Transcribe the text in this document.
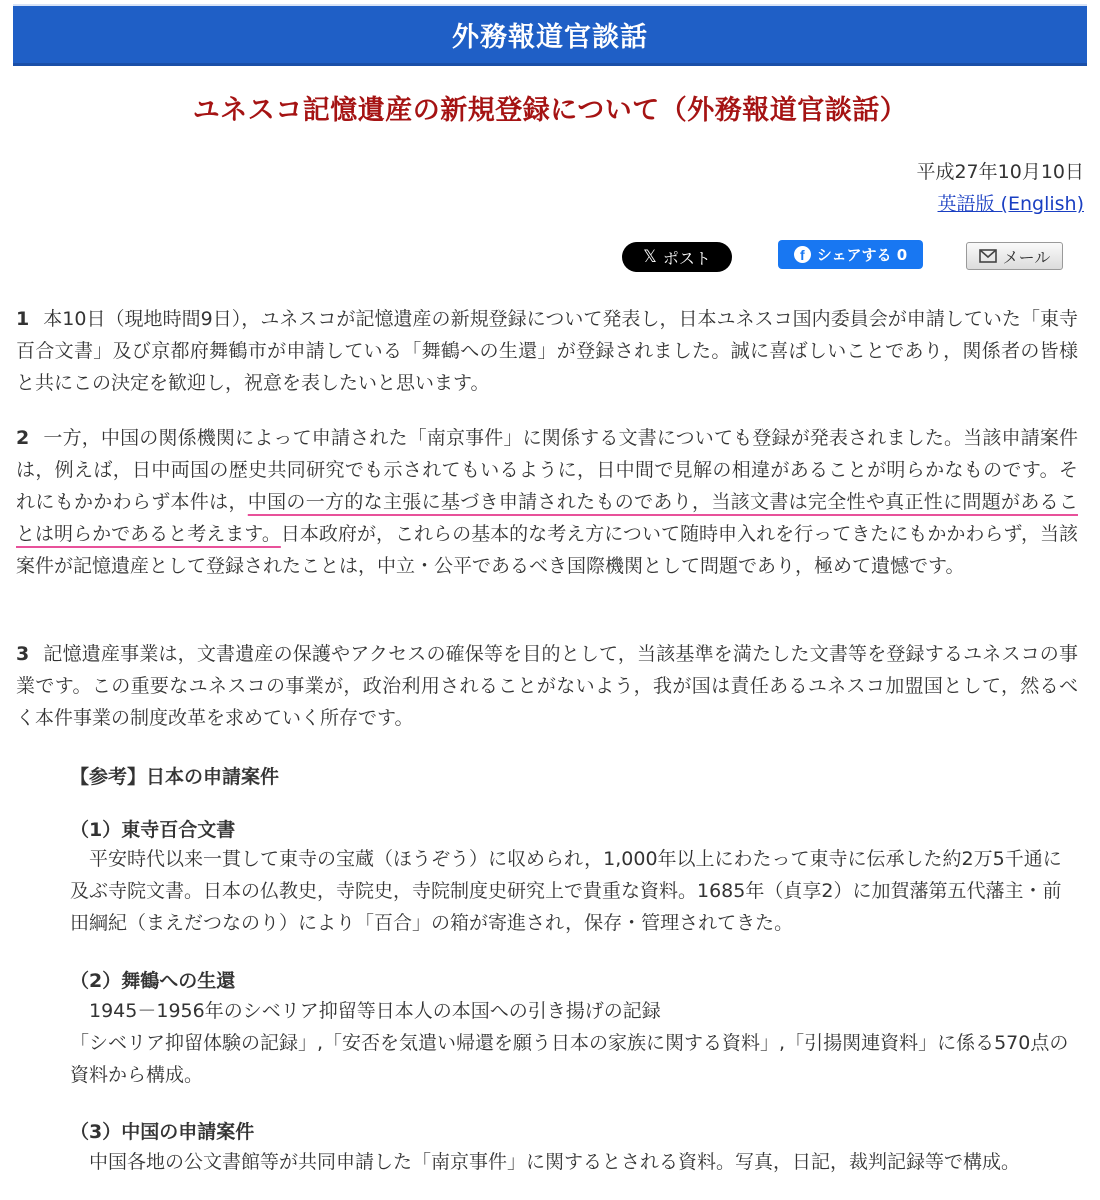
外務報道官談話
ユネスコ記憶遺産の新規登録について（外務報道官談話）
平成27年10月10日
英語版 (English)
𝕏 ポスト	f シェアする 0	メール
1 本10日（現地時間9日），ユネスコが記憶遺産の新規登録について発表し，日本ユネスコ国内委員会が申請していた「東寺百合文書」及び京都府舞鶴市が申請している「舞鶴への生還」が登録されました。誠に喜ばしいことであり，関係者の皆様と共にこの決定を歓迎し，祝意を表したいと思います。
2 一方，中国の関係機関によって申請された「南京事件」に関係する文書についても登録が発表されました。当該申請案件は，例えば，日中両国の歴史共同研究でも示されてもいるように，日中間で見解の相違があることが明らかなものです。それにもかかわらず本件は，中国の一方的な主張に基づき申請されたものであり，当該文書は完全性や真正性に問題があることは明らかであると考えます。日本政府が，これらの基本的な考え方について随時申入れを行ってきたにもかかわらず，当該案件が記憶遺産として登録されたことは，中立・公平であるべき国際機関として問題であり，極めて遺憾です。
3 記憶遺産事業は，文書遺産の保護やアクセスの確保等を目的として，当該基準を満たした文書等を登録するユネスコの事業です。この重要なユネスコの事業が，政治利用されることがないよう，我が国は責任あるユネスコ加盟国として，然るべく本件事業の制度改革を求めていく所存です。
【参考】日本の申請案件
（1）東寺百合文書
　平安時代以来一貫して東寺の宝蔵（ほうぞう）に収められ，1,000年以上にわたって東寺に伝承した約2万5千通に及ぶ寺院文書。日本の仏教史，寺院史，寺院制度史研究上で貴重な資料。1685年（貞享2）に加賀藩第五代藩主・前田綱紀（まえだつなのり）により「百合」の箱が寄進され，保存・管理されてきた。
（2）舞鶴への生還
　1945－1956年のシベリア抑留等日本人の本国への引き揚げの記録
「シベリア抑留体験の記録」,「安否を気遣い帰還を願う日本の家族に関する資料」,「引揚関連資料」に係る570点の資料から構成。
（3）中国の申請案件
　中国各地の公文書館等が共同申請した「南京事件」に関するとされる資料。写真，日記，裁判記録等で構成。
